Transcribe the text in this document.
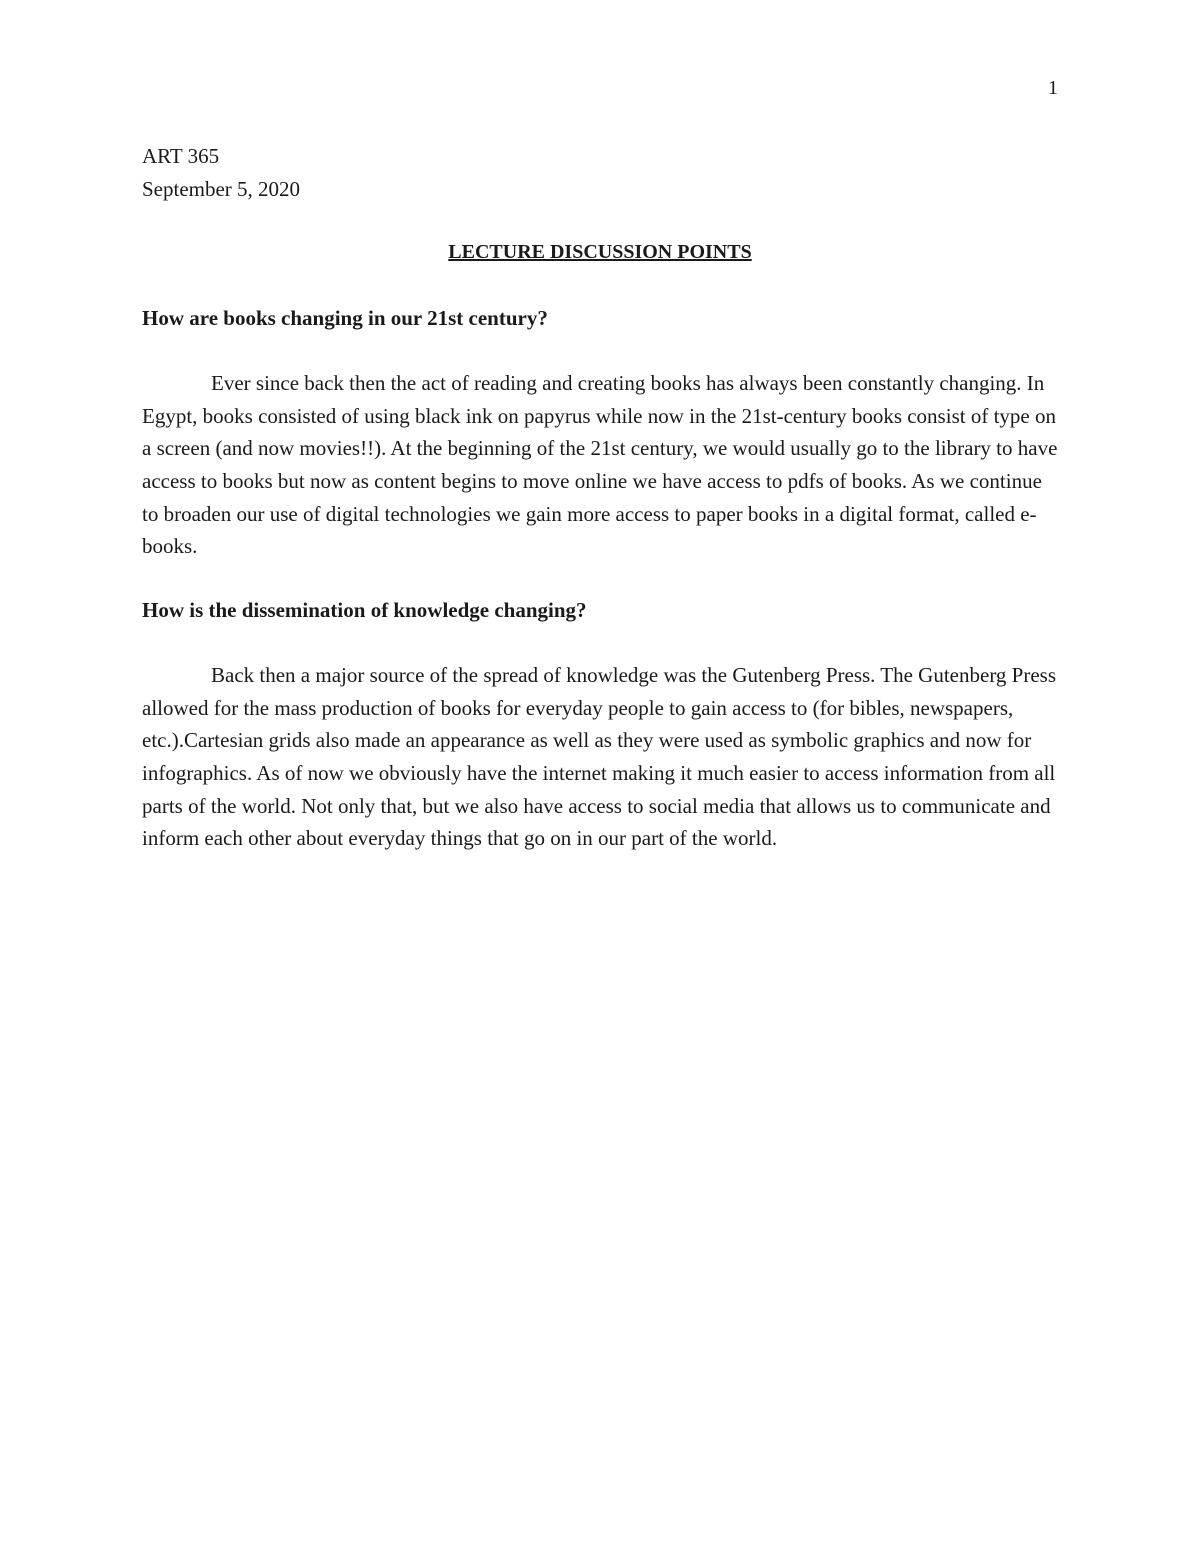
1
ART 365
September 5, 2020
LECTURE DISCUSSION POINTS

How are books changing in our 21st century?

Ever since back then the act of reading and creating books has always been constantly changing. In Egypt, books consisted of using black ink on papyrus while now in the 21st-century books consist of type on a screen (and now movies!!). At the beginning of the 21st century, we would usually go to the library to have access to books but now as content begins to move online we have access to pdfs of books. As we continue to broaden our use of digital technologies we gain more access to paper books in a digital format, called e-books.

How is the dissemination of knowledge changing?

Back then a major source of the spread of knowledge was the Gutenberg Press. The Gutenberg Press allowed for the mass production of books for everyday people to gain access to (for bibles, newspapers, etc.).Cartesian grids also made an appearance as well as they were used as symbolic graphics and now for infographics. As of now we obviously have the internet making it much easier to access information from all parts of the world. Not only that, but we also have access to social media that allows us to communicate and inform each other about everyday things that go on in our part of the world.
